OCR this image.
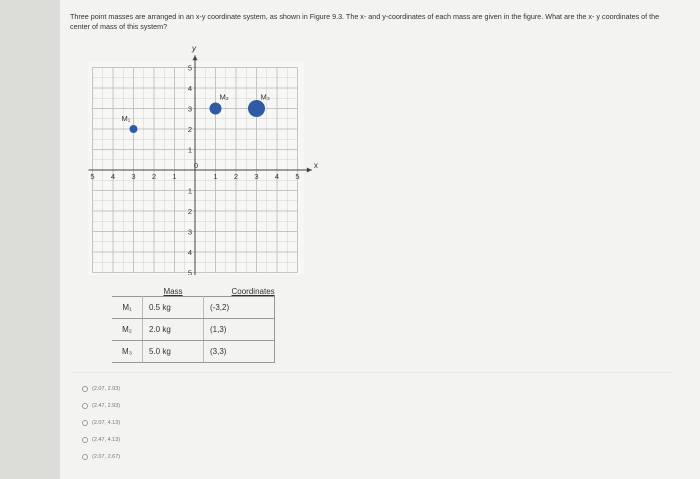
Three point masses are arranged in an x-y coordinate system, as shown in Figure 9.3. The x- and y-coordinates of each mass are given in the figure. What are the x- y coordinates of the center of mass of this system?
x
y
5 4 3 2 1
0
1 2 3 4 5
5
4
3
2
1
1
2
3
4
5
M₁
M₂	M₃
	Mass	Coordinates
M₁	0.5 kg	(-3,2)
M₂	2.0 kg	(1,3)
M₃	5.0 kg	(3,3)
(2.07, 2.93)
(2.47, 2.93)
(2.07, 4.13)
(2.47, 4.13)
(2.07, 2.67)
